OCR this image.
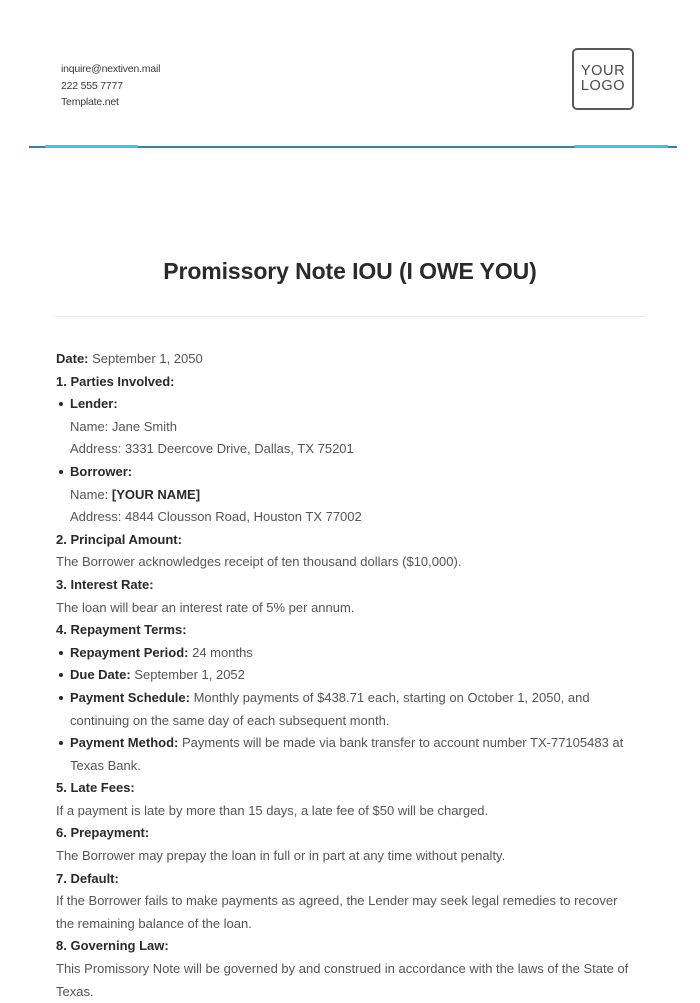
inquire@nextiven.mail
222 555 7777
Template.net
YOUR
LOGO
Promissory Note IOU (I OWE YOU)
Date: September 1, 2050
1. Parties Involved:
Lender:
Name: Jane Smith
Address: 3331 Deercove Drive, Dallas, TX 75201
Borrower:
Name: [YOUR NAME]
Address: 4844 Clousson Road, Houston TX 77002
2. Principal Amount:
The Borrower acknowledges receipt of ten thousand dollars ($10,000).
3. Interest Rate:
The loan will bear an interest rate of 5% per annum.
4. Repayment Terms:
Repayment Period: 24 months
Due Date: September 1, 2052
Payment Schedule: Monthly payments of $438.71 each, starting on October 1, 2050, and continuing on the same day of each subsequent month.
Payment Method: Payments will be made via bank transfer to account number TX-77105483 at Texas Bank.
5. Late Fees:
If a payment is late by more than 15 days, a late fee of $50 will be charged.
6. Prepayment:
The Borrower may prepay the loan in full or in part at any time without penalty.
7. Default:
If the Borrower fails to make payments as agreed, the Lender may seek legal remedies to recover the remaining balance of the loan.
8. Governing Law:
This Promissory Note will be governed by and construed in accordance with the laws of the State of Texas.
